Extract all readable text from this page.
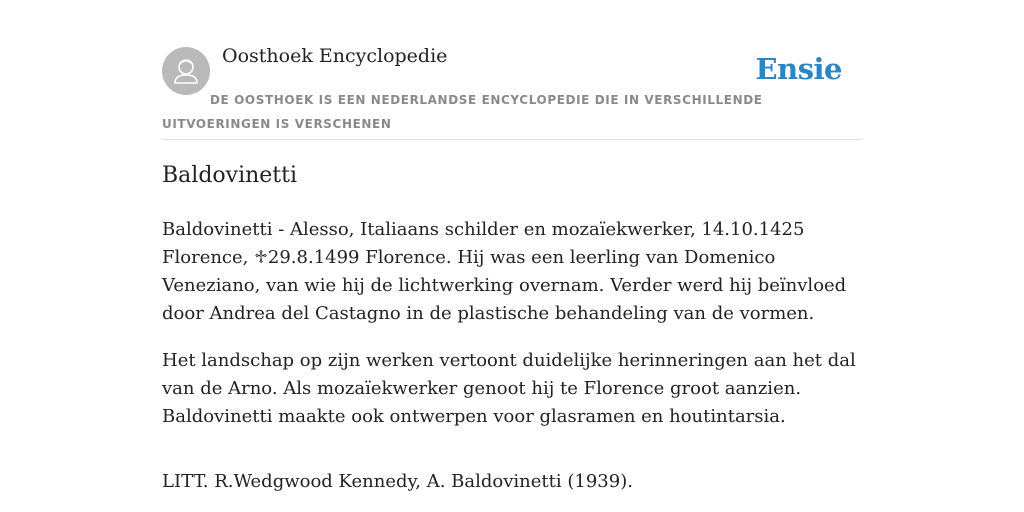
Oosthoek Encyclopedie	Ensie
DE OOSTHOEK IS EEN NEDERLANDSE ENCYCLOPEDIE DIE IN VERSCHILLENDE UITVOERINGEN IS VERSCHENEN
Baldovinetti

Baldovinetti - Alesso, Italiaans schilder en mozaïekwerker, 14.10.1425 Florence, ♱29.8.1499 Florence. Hij was een leerling van Domenico Veneziano, van wie hij de lichtwerking overnam. Verder werd hij beïnvloed door Andrea del Castagno in de plastische behandeling van de vormen.

Het landschap op zijn werken vertoont duidelijke herinneringen aan het dal van de Arno. Als mozaïekwerker genoot hij te Florence groot aanzien. Baldovinetti maakte ook ontwerpen voor glasramen en houtintarsia.

LITT. R.Wedgwood Kennedy, A. Baldovinetti (1939).
